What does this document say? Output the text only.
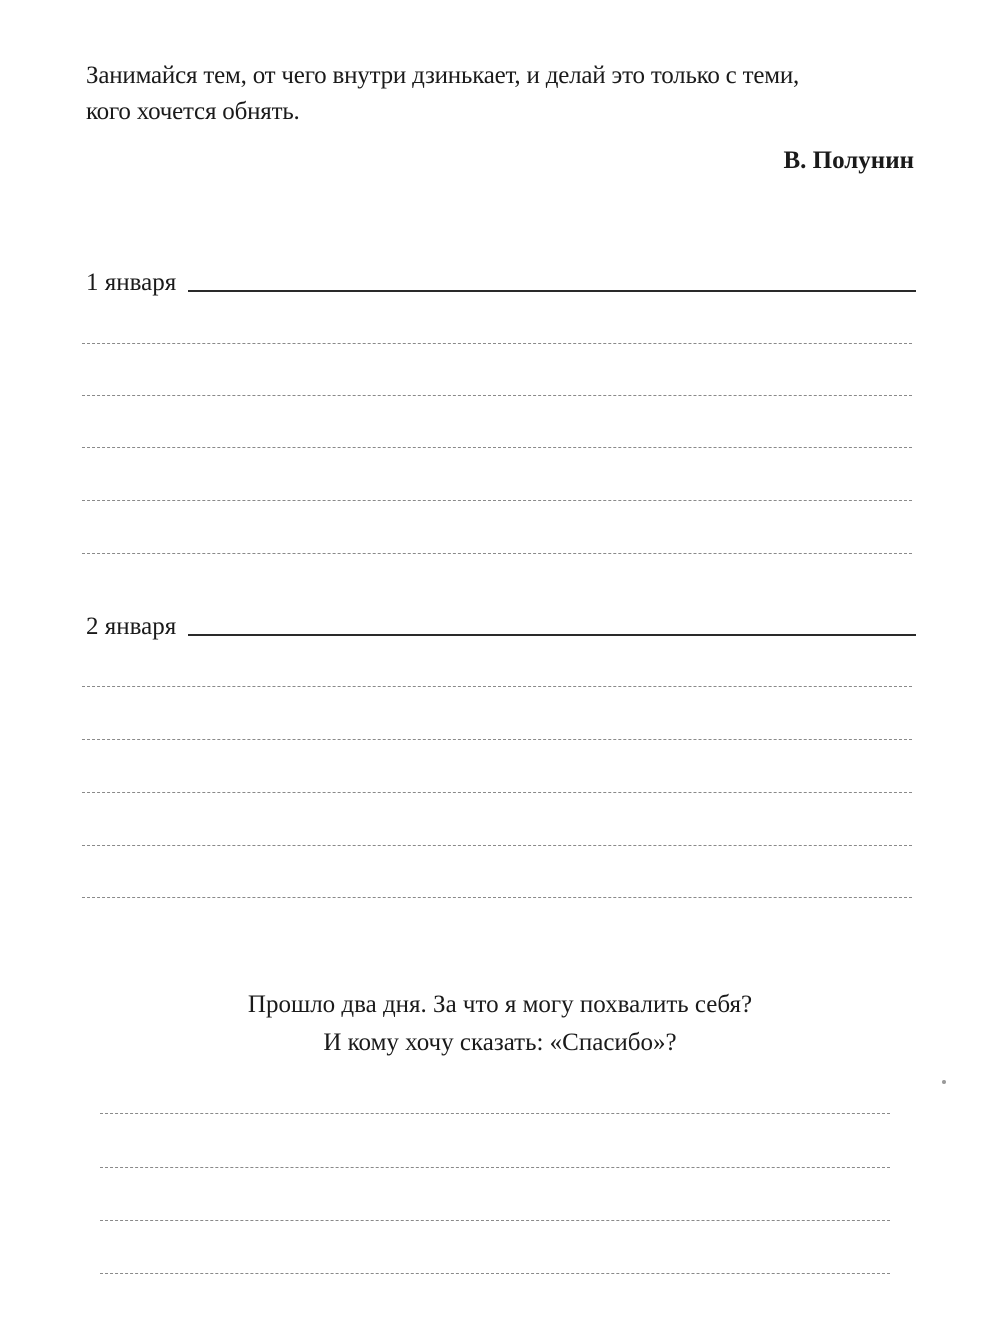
Занимайся тем, от чего внутри дзинькает, и делай это только с теми,
кого хочется обнять.
В. Полунин
1 января
2 января
Прошло два дня. За что я могу похвалить себя?
И кому хочу сказать: «Спасибо»?
